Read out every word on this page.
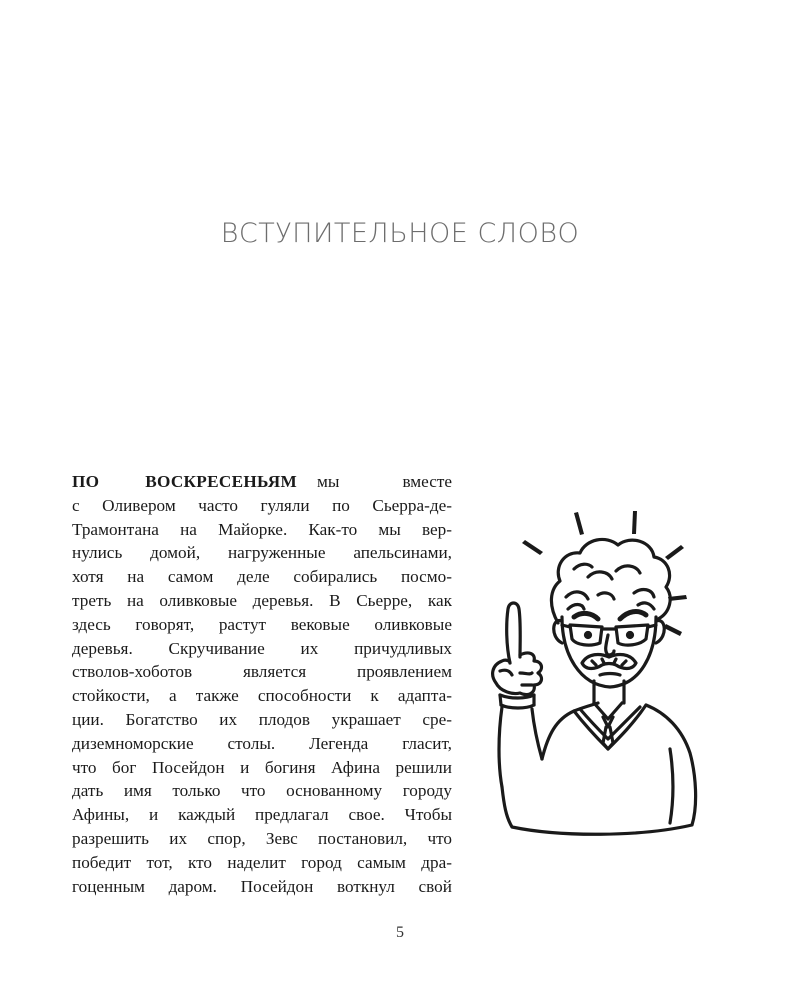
ВСТУПИТЕЛЬНОЕ СЛОВО
ПО	ВОСКРЕСЕНЬЯМ мы	вместе
с Оливером часто гуляли по Сьерра-де-
Трамонтана на Майорке. Как-то мы вер-
нулись домой, нагруженные апельсинами,
хотя на самом деле собирались посмо-
треть на оливковые деревья. В Сьерре, как
здесь говорят, растут вековые оливковые
деревья. Скручивание их причудливых
стволов-хоботов	является	проявлением
стойкости, а также способности к адапта-
ции. Богатство их плодов украшает сре-
диземноморские столы. Легенда гласит,
что бог Посейдон и богиня Афина решили
дать имя только что основанному городу
Афины, и каждый предлагал свое. Чтобы
разрешить их спор, Зевс постановил, что
победит тот, кто наделит город самым дра-
гоценным даром. Посейдон воткнул свой
5
